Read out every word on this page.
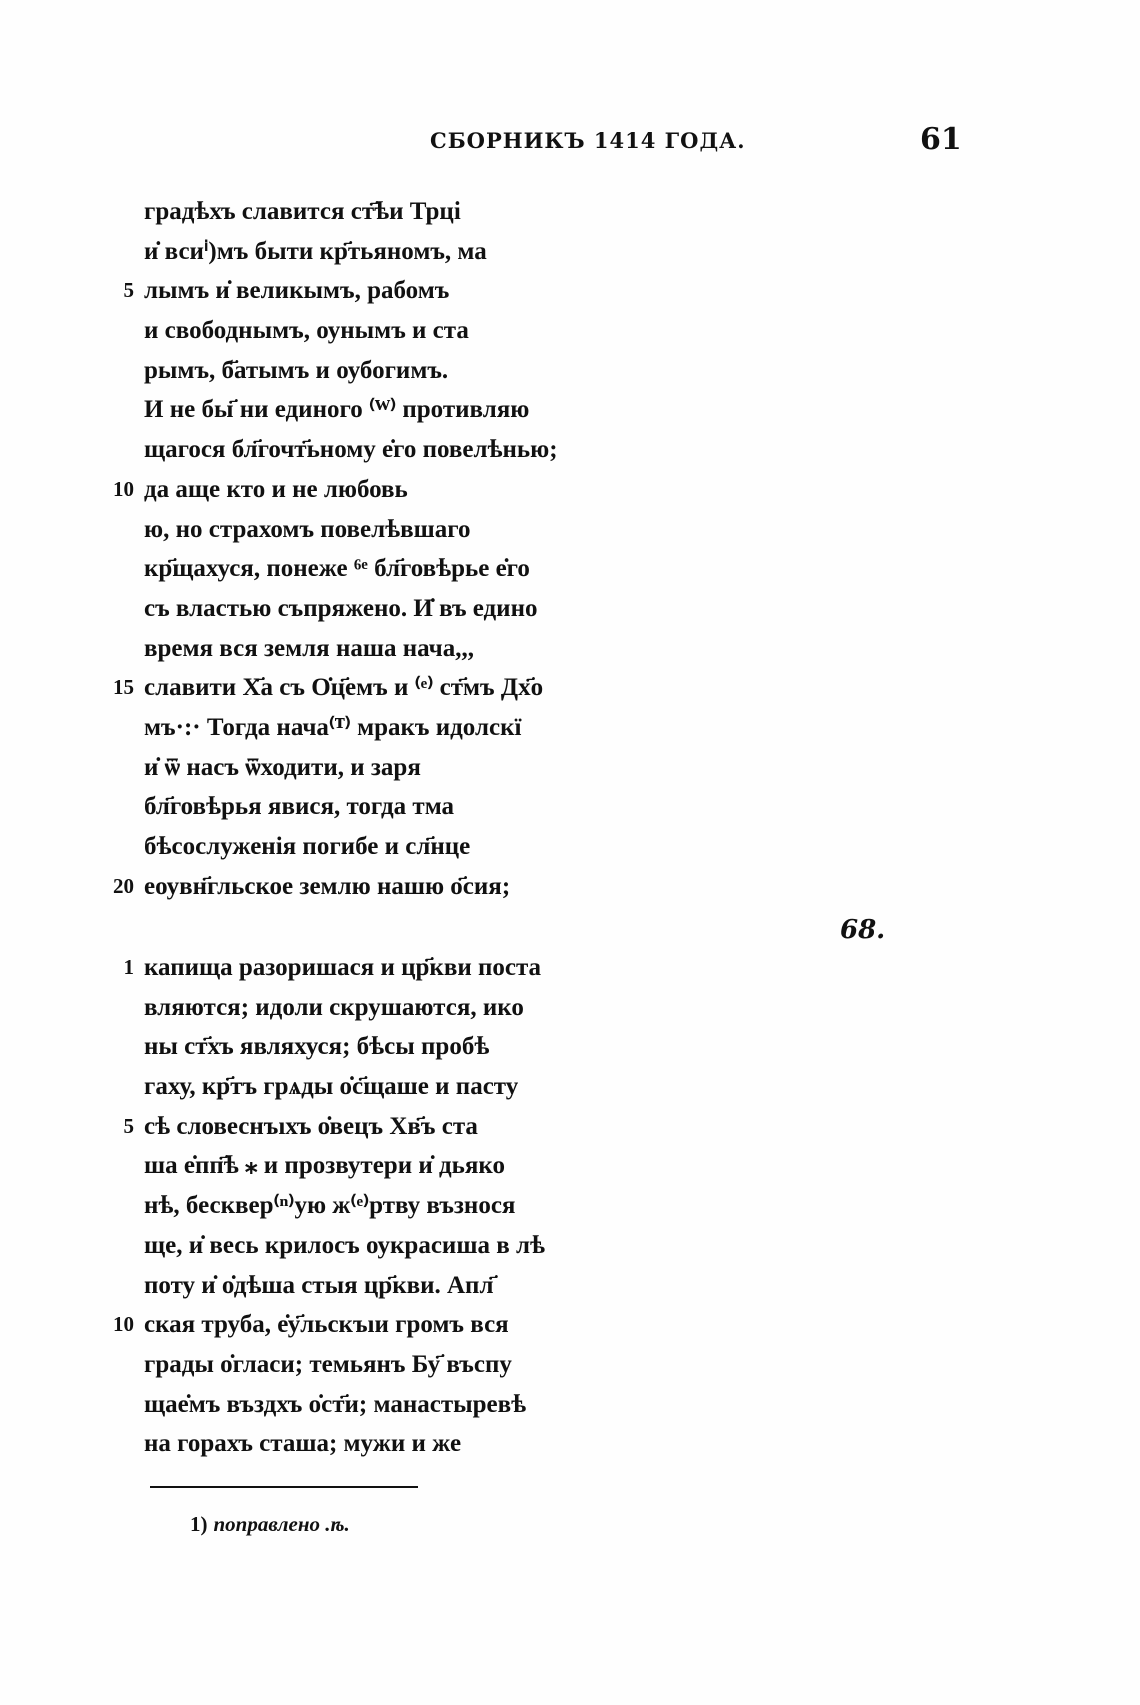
СБОРНИКЪ 1414 ГОДА.	61
градѣхъ славится ст҃ѣи Трці
и̇ всиⁱ)мъ быти кр҃тьяномъ, ма
5 лымъ и̇ великымъ, рабомъ
и свободнымъ, оунымъ и ста
рымъ, б҃атымъ и оубогимъ.
И не бы҃ ни единого ⁽ᵂ⁾ противляю
щагося бл҃гочт҃ьному е̇го повелѣнью;
10 да аще кто и не любовь
ю, но страхомъ повелѣвшаго
кр҃щахуся, понеже ⁶ᵉ бл҃говѣрье е̇го
съ властью съпряжено. И̇ въ едино
время вся земля наша нача,,,
15 славити Х҃а съ О̇ц҃емъ и ⁽ᵉ⁾ ст҃мъ Дх҃о
мъ·:· Тогда нача⁽ᵀ⁾ мракъ идолскї
и̇ ѿ насъ ѿходити, и заря
бл҃говѣрья явися, тогда тма
бѣсослуженiя погибе и сл҃нце
20 еоувн҃гльское землю нашю о҃сия;
68.
1 капища разоришася и цр҃кви поста
вляются; идоли скрушаются, ико
ны ст҃хъ являхуся; бѣсы пробѣ
гаху, кр҃тъ грѧды о̇с҃щаше и пасту
5 сѣ словеснъıхъ о̇вецъ Хв҃ъ ста
ша е̇пп҃ѣ ⁎ и прозвутери и̇ дьяко
нѣ, бесквер⁽ⁿ⁾ую ж⁽ᵉ⁾ртву възнося
ще, и̇ весь крилосъ оукрасиша в лѣ
поту и̇ о̇дѣша стыя цр҃кви. Апл҃
10 ская труба, е̇у҃льскъıи громъ вся
грады о̇гласи; темьянъ Бу҃ въспу
щае̇мъ въздхъ о̇ст҃и; манастыревѣ
на горахъ сташа; мужи и же
1) поправлено .ѣ.
